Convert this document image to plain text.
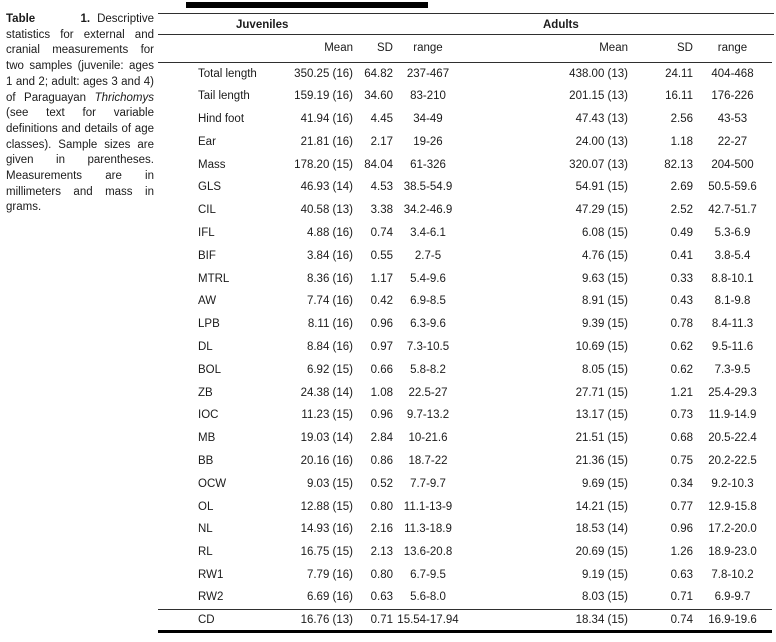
Table 1. Descriptive statistics for external and cranial measurements for two samples (juvenile: ages 1 and 2; adult: ages 3 and 4) of Paraguayan Thrichomys (see text for variable definitions and details of age classes). Sample sizes are given in parentheses. Measurements are in millimeters and mass in grams.
Juveniles	Adults
	Mean	SD	range	Mean	SD	range
Total length	350.25 (16)	64.82	237-467	438.00 (13)	24.11	404-468
Tail length	159.19 (16)	34.60	83-210	201.15 (13)	16.11	176-226
Hind foot	41.94 (16)	4.45	34-49	47.43 (13)	2.56	43-53
Ear	21.81 (16)	2.17	19-26	24.00 (13)	1.18	22-27
Mass	178.20 (15)	84.04	61-326	320.07 (13)	82.13	204-500
GLS	46.93 (14)	4.53	38.5-54.9	54.91 (15)	2.69	50.5-59.6
CIL	40.58 (13)	3.38	34.2-46.9	47.29 (15)	2.52	42.7-51.7
IFL	4.88 (16)	0.74	3.4-6.1	6.08 (15)	0.49	5.3-6.9
BIF	3.84 (16)	0.55	2.7-5	4.76 (15)	0.41	3.8-5.4
MTRL	8.36 (16)	1.17	5.4-9.6	9.63 (15)	0.33	8.8-10.1
AW	7.74 (16)	0.42	6.9-8.5	8.91 (15)	0.43	8.1-9.8
LPB	8.11 (16)	0.96	6.3-9.6	9.39 (15)	0.78	8.4-11.3
DL	8.84 (16)	0.97	7.3-10.5	10.69 (15)	0.62	9.5-11.6
BOL	6.92 (15)	0.66	5.8-8.2	8.05 (15)	0.62	7.3-9.5
ZB	24.38 (14)	1.08	22.5-27	27.71 (15)	1.21	25.4-29.3
IOC	11.23 (15)	0.96	9.7-13.2	13.17 (15)	0.73	11.9-14.9
MB	19.03 (14)	2.84	10-21.6	21.51 (15)	0.68	20.5-22.4
BB	20.16 (16)	0.86	18.7-22	21.36 (15)	0.75	20.2-22.5
OCW	9.03 (15)	0.52	7.7-9.7	9.69 (15)	0.34	9.2-10.3
OL	12.88 (15)	0.80	11.1-13-9	14.21 (15)	0.77	12.9-15.8
NL	14.93 (16)	2.16	11.3-18.9	18.53 (14)	0.96	17.2-20.0
RL	16.75 (15)	2.13	13.6-20.8	20.69 (15)	1.26	18.9-23.0
RW1	7.79 (16)	0.80	6.7-9.5	9.19 (15)	0.63	7.8-10.2
RW2	6.69 (16)	0.63	5.6-8.0	8.03 (15)	0.71	6.9-9.7
CD	16.76 (13)	0.71	15.54-17.94	18.34 (15)	0.74	16.9-19.6
